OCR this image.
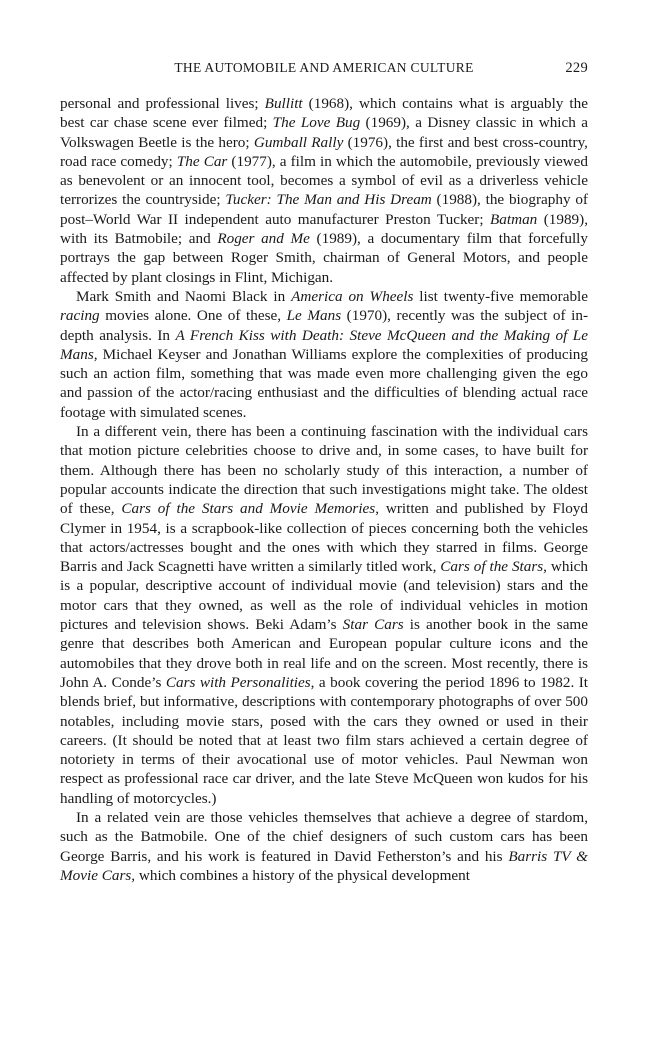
THE AUTOMOBILE AND AMERICAN CULTURE	229

personal and professional lives; Bullitt (1968), which contains what is arguably the best car chase scene ever filmed; The Love Bug (1969), a Disney classic in which a Volkswagen Beetle is the hero; Gumball Rally (1976), the first and best cross-country, road race comedy; The Car (1977), a film in which the automobile, previously viewed as benevolent or an innocent tool, becomes a symbol of evil as a driverless vehicle terrorizes the countryside; Tucker: The Man and His Dream (1988), the biography of post–World War II independent auto manufacturer Preston Tucker; Batman (1989), with its Batmobile; and Roger and Me (1989), a documentary film that forcefully portrays the gap between Roger Smith, chairman of General Motors, and people affected by plant closings in Flint, Michigan.

Mark Smith and Naomi Black in America on Wheels list twenty-five memorable racing movies alone. One of these, Le Mans (1970), recently was the subject of in-depth analysis. In A French Kiss with Death: Steve McQueen and the Making of Le Mans, Michael Keyser and Jonathan Williams explore the complexities of producing such an action film, something that was made even more challenging given the ego and passion of the actor/racing enthusiast and the difficulties of blending actual race footage with simulated scenes.

In a different vein, there has been a continuing fascination with the individual cars that motion picture celebrities choose to drive and, in some cases, to have built for them. Although there has been no scholarly study of this interaction, a number of popular accounts indicate the direction that such investigations might take. The oldest of these, Cars of the Stars and Movie Memories, written and published by Floyd Clymer in 1954, is a scrapbook-like collection of pieces concerning both the vehicles that actors/actresses bought and the ones with which they starred in films. George Barris and Jack Scagnetti have written a similarly titled work, Cars of the Stars, which is a popular, descriptive account of individual movie (and television) stars and the motor cars that they owned, as well as the role of individual vehicles in motion pictures and television shows. Beki Adam’s Star Cars is another book in the same genre that describes both American and European popular culture icons and the automobiles that they drove both in real life and on the screen. Most recently, there is John A. Conde’s Cars with Personalities, a book covering the period 1896 to 1982. It blends brief, but informative, descriptions with contemporary photographs of over 500 notables, including movie stars, posed with the cars they owned or used in their careers. (It should be noted that at least two film stars achieved a certain degree of notoriety in terms of their avocational use of motor vehicles. Paul Newman won respect as professional race car driver, and the late Steve McQueen won kudos for his handling of motorcycles.)

In a related vein are those vehicles themselves that achieve a degree of stardom, such as the Batmobile. One of the chief designers of such custom cars has been George Barris, and his work is featured in David Fetherston’s and his Barris TV & Movie Cars, which combines a history of the physical development
